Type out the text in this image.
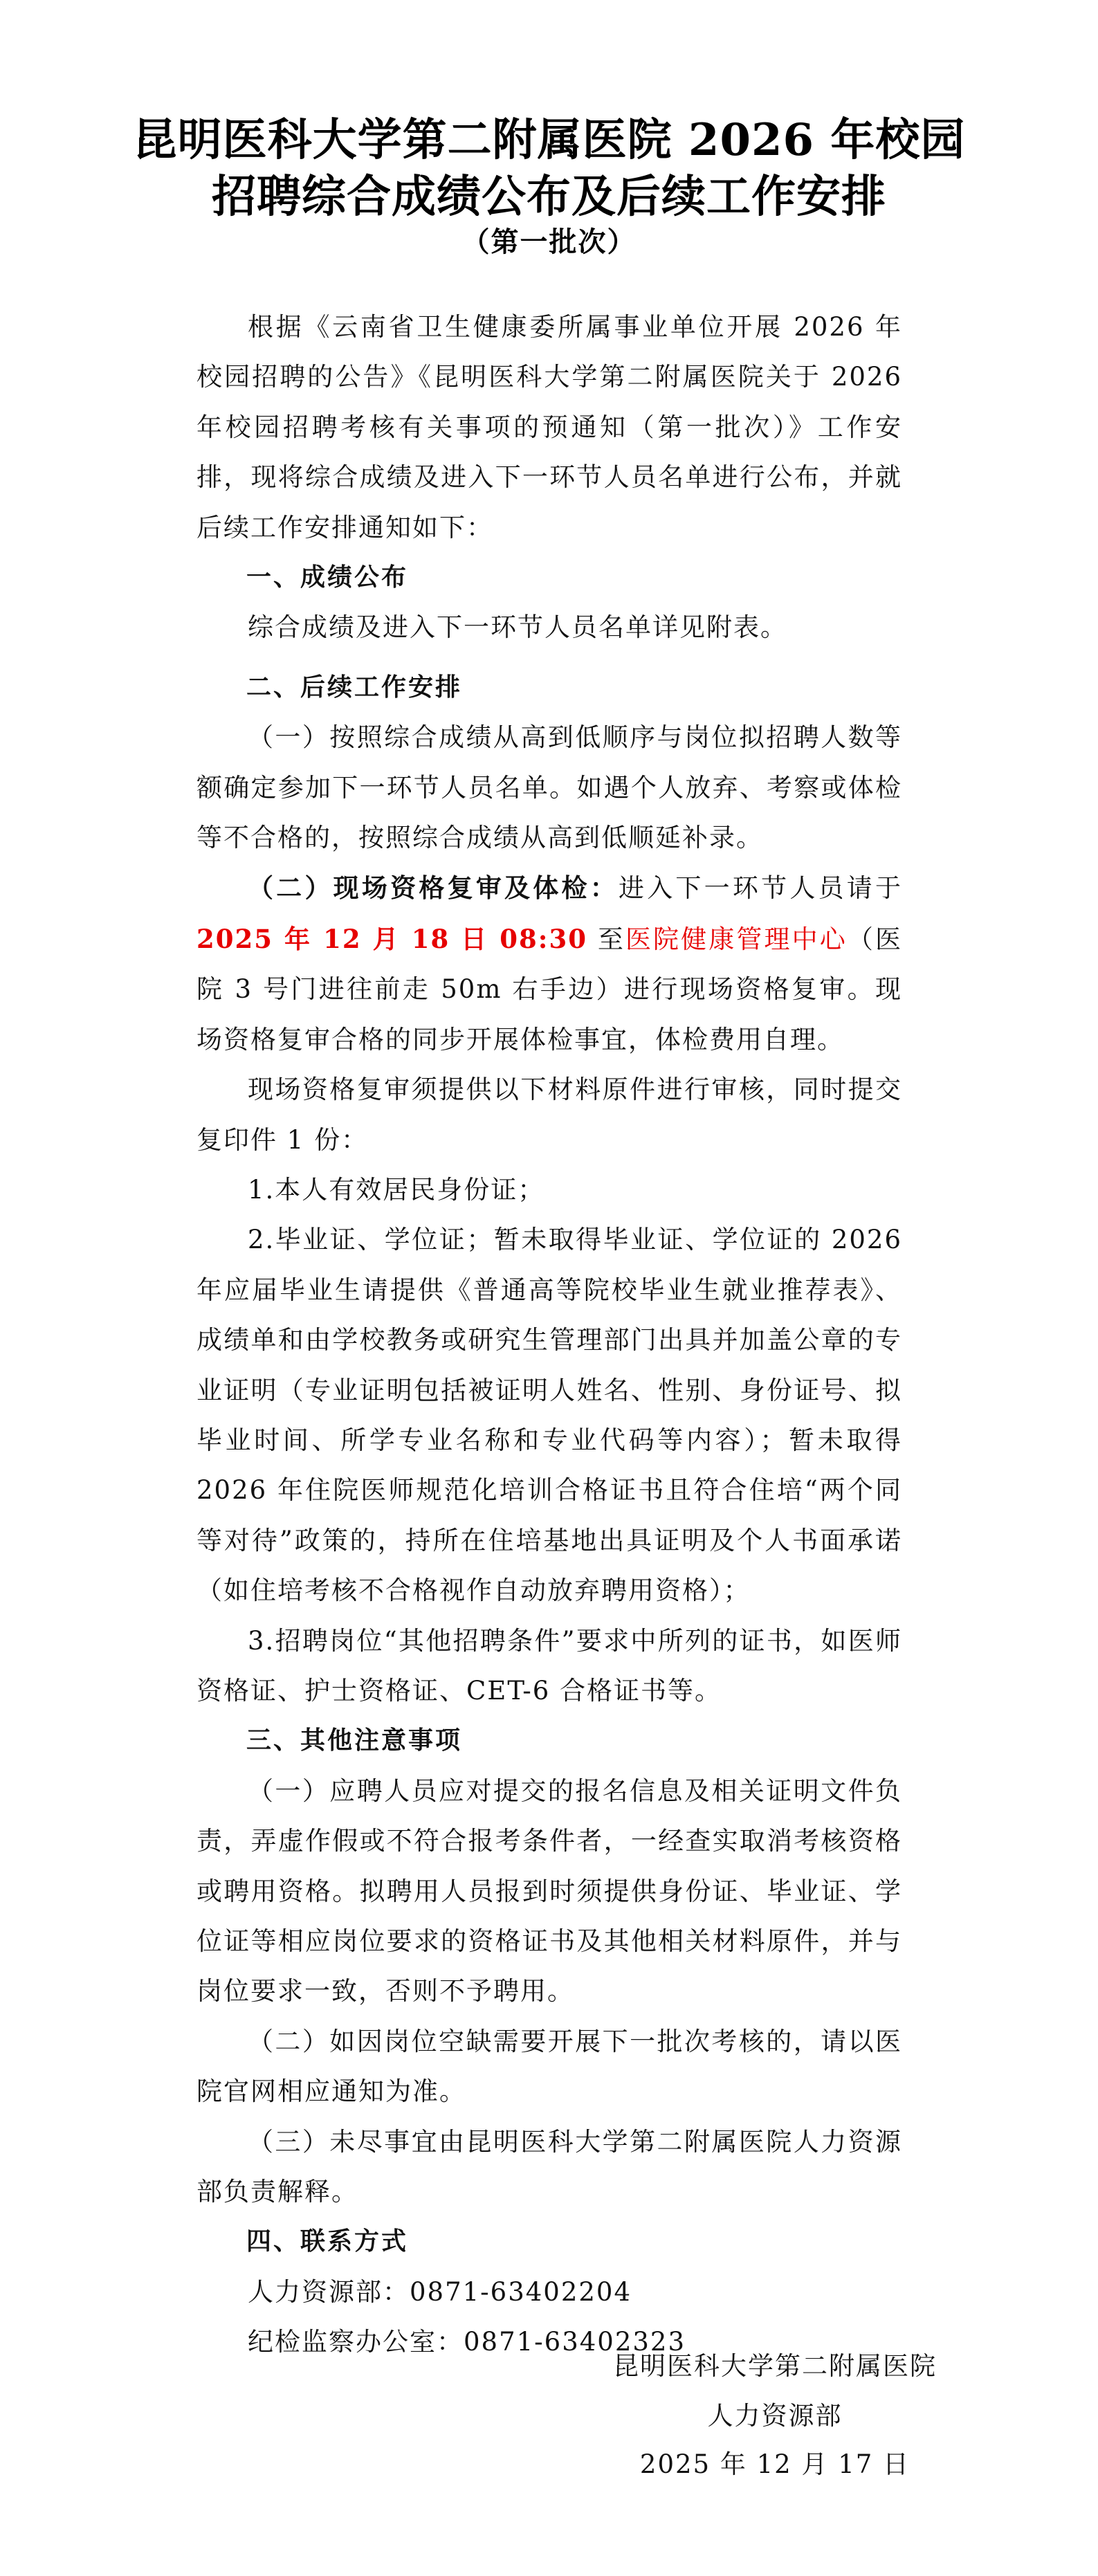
昆明医科大学第二附属医院 2026 年校园
招聘综合成绩公布及后续工作安排
（第一批次）

根据《云南省卫生健康委所属事业单位开展 2026 年校园招聘的公告》《昆明医科大学第二附属医院关于 2026 年校园招聘考核有关事项的预通知（第一批次）》工作安排，现将综合成绩及进入下一环节人员名单进行公布，并就后续工作安排通知如下：

一、成绩公布

综合成绩及进入下一环节人员名单详见附表。

二、后续工作安排

（一）按照综合成绩从高到低顺序与岗位拟招聘人数等额确定参加下一环节人员名单。如遇个人放弃、考察或体检等不合格的，按照综合成绩从高到低顺延补录。

（二）现场资格复审及体检：进入下一环节人员请于2025 年 12 月 18 日 08:30 至医院健康管理中心（医院 3 号门进往前走 50m 右手边）进行现场资格复审。现场资格复审合格的同步开展体检事宜，体检费用自理。

现场资格复审须提供以下材料原件进行审核，同时提交复印件 1 份：

1.本人有效居民身份证；

2.毕业证、学位证；暂未取得毕业证、学位证的 2026 年应届毕业生请提供《普通高等院校毕业生就业推荐表》、成绩单和由学校教务或研究生管理部门出具并加盖公章的专业证明（专业证明包括被证明人姓名、性别、身份证号、拟毕业时间、所学专业名称和专业代码等内容）；暂未取得 2026 年住院医师规范化培训合格证书且符合住培“两个同等对待”政策的，持所在住培基地出具证明及个人书面承诺（如住培考核不合格视作自动放弃聘用资格）；

3.招聘岗位“其他招聘条件”要求中所列的证书，如医师资格证、护士资格证、CET-6 合格证书等。

三、其他注意事项

（一）应聘人员应对提交的报名信息及相关证明文件负责，弄虚作假或不符合报考条件者，一经查实取消考核资格或聘用资格。拟聘用人员报到时须提供身份证、毕业证、学位证等相应岗位要求的资格证书及其他相关材料原件，并与岗位要求一致，否则不予聘用。

（二）如因岗位空缺需要开展下一批次考核的，请以医院官网相应通知为准。

（三）未尽事宜由昆明医科大学第二附属医院人力资源部负责解释。

四、联系方式

人力资源部：0871-63402204

纪检监察办公室：0871-63402323

昆明医科大学第二附属医院
人力资源部
2025 年 12 月 17 日
